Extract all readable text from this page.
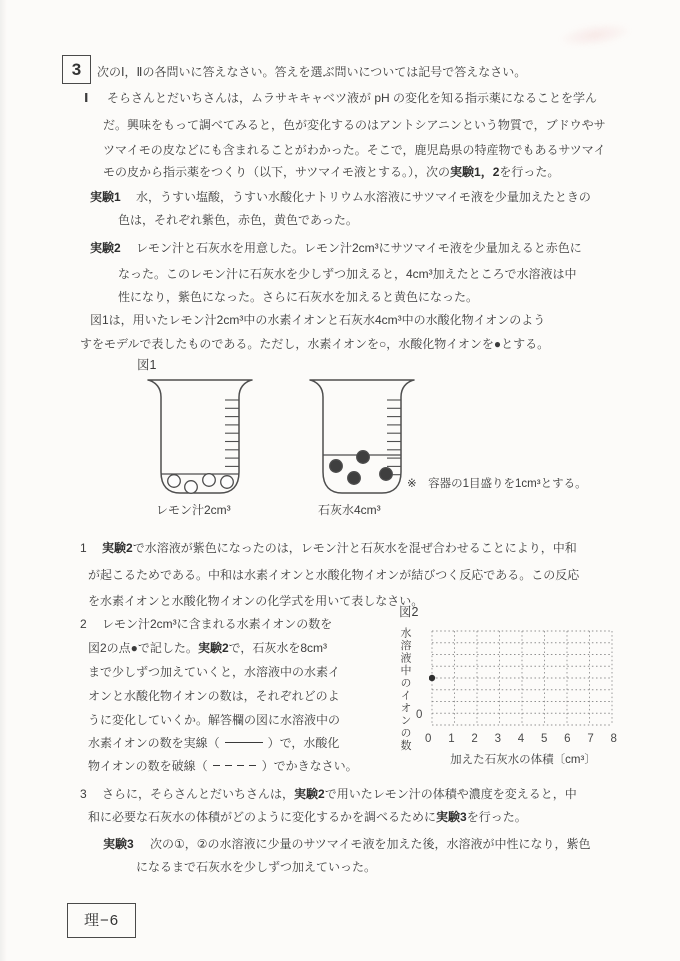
3 次のⅠ，Ⅱの各問いに答えなさい。答えを選ぶ問いについては記号で答えなさい。
Ⅰ そらさんとだいちさんは，ムラサキキャベツ液が pH の変化を知る指示薬になることを学ん
だ。興味をもって調べてみると，色が変化するのはアントシアニンという物質で，ブドウやサ
ツマイモの皮などにも含まれることがわかった。そこで，鹿児島県の特産物でもあるサツマイ
モの皮から指示薬をつくり（以下，サツマイモ液とする。），次の実験1，2を行った。
実験1 水，うすい塩酸，うすい水酸化ナトリウム水溶液にサツマイモ液を少量加えたときの
色は，それぞれ紫色，赤色，黄色であった。
実験2 レモン汁と石灰水を用意した。レモン汁2cm³にサツマイモ液を少量加えると赤色に
なった。このレモン汁に石灰水を少しずつ加えると，4cm³加えたところで水溶液は中
性になり，紫色になった。さらに石灰水を加えると黄色になった。
図1は，用いたレモン汁2cm³中の水素イオンと石灰水4cm³中の水酸化物イオンのよう
すをモデルで表したものである。ただし，水素イオンを○，水酸化物イオンを●とする。
図1
レモン汁2cm³	石灰水4cm³
※　容器の1目盛りを1cm³とする。
1 実験2で水溶液が紫色になったのは，レモン汁と石灰水を混ぜ合わせることにより，中和
が起こるためである。中和は水素イオンと水酸化物イオンが結びつく反応である。この反応
を水素イオンと水酸化物イオンの化学式を用いて表しなさい。
2 レモン汁2cm³に含まれる水素イオンの数を
図2の点●で記した。実験2で，石灰水を8cm³
まで少しずつ加えていくと，水溶液中の水素イ
オンと水酸化物イオンの数は，それぞれどのよ
うに変化していくか。解答欄の図に水溶液中の
水素イオンの数を実線（	）で，水酸化
物イオンの数を破線（	）でかきなさい。
図2
水溶液中のイオンの数 0
0 1 2 3 4 5 6 7 8
加えた石灰水の体積〔cm³〕
3 さらに，そらさんとだいちさんは，実験2で用いたレモン汁の体積や濃度を変えると，中
和に必要な石灰水の体積がどのように変化するかを調べるために実験3を行った。
実験3 次の①，②の水溶液に少量のサツマイモ液を加えた後，水溶液が中性になり，紫色
になるまで石灰水を少しずつ加えていった。
理−6
